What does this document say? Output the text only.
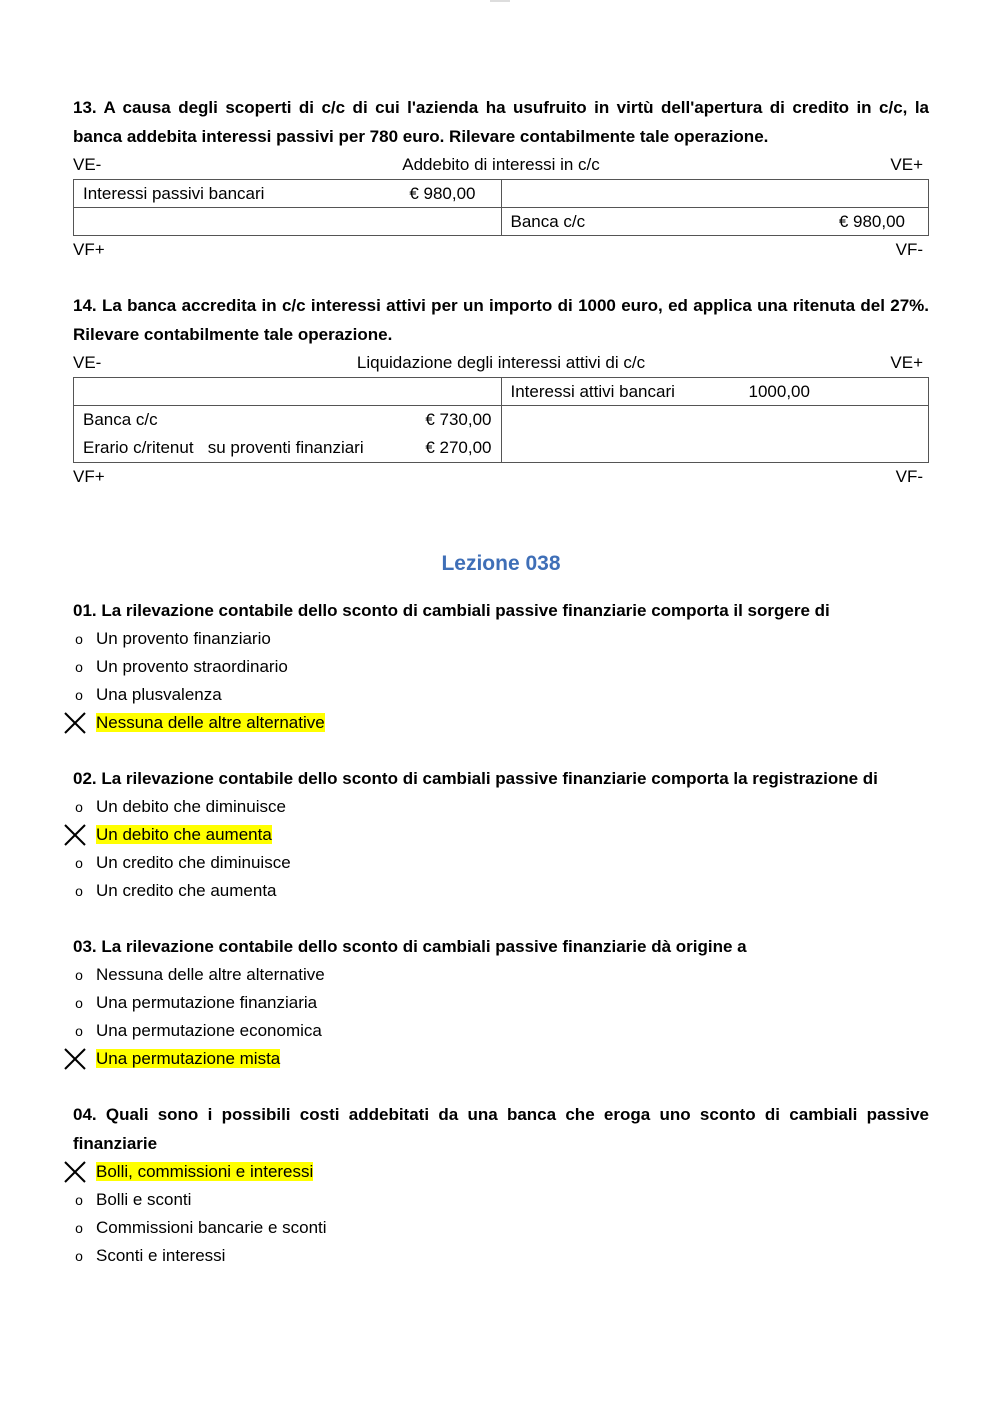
13. A causa degli scoperti di c/c di cui l'azienda ha usufruito in virtù dell'apertura di credito in c/c, la banca addebita interessi passivi per 780 euro. Rilevare contabilmente tale operazione.

VE-	Addebito di interessi in c/c	VE+
Interessi passivi bancari € 980,00	

	Banca c/c € 980,00
VF+	VF-

14. La banca accredita in c/c interessi attivi per un importo di 1000 euro, ed applica una ritenuta del 27%. Rilevare contabilmente tale operazione.

VE-	Liquidazione degli interessi attivi di c/c	VE+

	Interessi attivi bancari 1000,00

Banca c/c € 730,00
Erario c/ritenut   su proventi finanziari € 270,00	

VF+	VF-
Lezione 038

01. La rilevazione contabile dello sconto di cambiali passive finanziarie comporta il sorgere di

o Un provento finanziario
o Un provento straordinario
o Una plusvalenza
Nessuna delle altre alternative

02. La rilevazione contabile dello sconto di cambiali passive finanziarie comporta la registrazione di

o Un debito che diminuisce
Un debito che aumenta
o Un credito che diminuisce
o Un credito che aumenta

03. La rilevazione contabile dello sconto di cambiali passive finanziarie dà origine a

o Nessuna delle altre alternative
o Una permutazione finanziaria
o Una permutazione economica
Una permutazione mista

04. Quali sono i possibili costi addebitati da una banca che eroga uno sconto di cambiali passive finanziarie

Bolli, commissioni e interessi
o Bolli e sconti
o Commissioni bancarie e sconti
o Sconti e interessi
